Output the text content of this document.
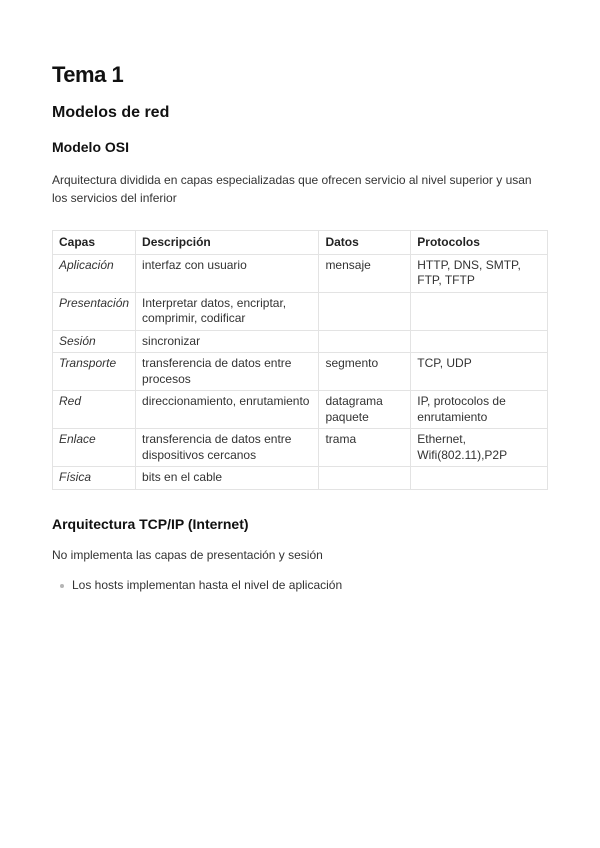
Tema 1
Modelos de red
Modelo OSI

Arquitectura dividida en capas especializadas que ofrecen servicio al nivel superior y usan
los servicios del inferior

Capas	Descripción	Datos	Protocolos
Aplicación	interfaz con usuario	mensaje	HTTP, DNS, SMTP,
FTP, TFTP
Presentación	Interpretar datos, encriptar,
comprimir, codificar		
Sesión	sincronizar		
Transporte	transferencia de datos entre
procesos	segmento	TCP, UDP
Red	direccionamiento, enrutamiento	datagrama
paquete	IP, protocolos de
enrutamiento
Enlace	transferencia de datos entre
dispositivos cercanos	trama	Ethernet,
Wifi(802.11),P2P
Física	bits en el cable		
Arquitectura TCP/IP (Internet)

No implementa las capas de presentación y sesión

Los hosts implementan hasta el nivel de aplicación
